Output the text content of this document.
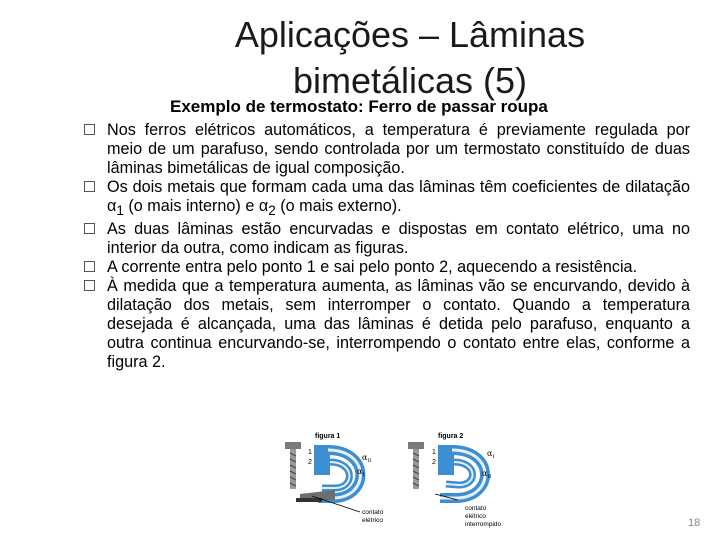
Aplicações – Lâminas bimetálicas (5)
Exemplo de termostato: Ferro de passar roupa
Nos ferros elétricos automáticos, a temperatura é previamente regulada por meio de um parafuso, sendo controlada por um termostato constituído de duas lâminas bimetálicas de igual composição.
Os dois metais que formam cada uma das lâminas têm coeficientes de dilatação $\alpha_1$ (o mais interno) e $\alpha_2$ (o mais externo).
As duas lâminas estão encurvadas e dispostas em contato elétrico, uma no interior da outra, como indicam as figuras.
A corrente entra pelo ponto 1 e sai pelo ponto 2, aquecendo a resistência.
À medida que a temperatura aumenta, as lâminas vão se encurvando, devido à dilatação dos metais, sem interromper o contato. Quando a temperatura desejada é alcançada, uma das lâminas é detida pelo parafuso, enquanto a outra continua encurvando-se, interrompendo o contato entre elas, conforme a figura 2.
figura 1
1
2
$\alpha_{II}$
$\alpha_I$
contato
elétrico
figura 2
1
2
$\alpha_I$
$\alpha_{II}$
contato
elétrico
interrompido	18
